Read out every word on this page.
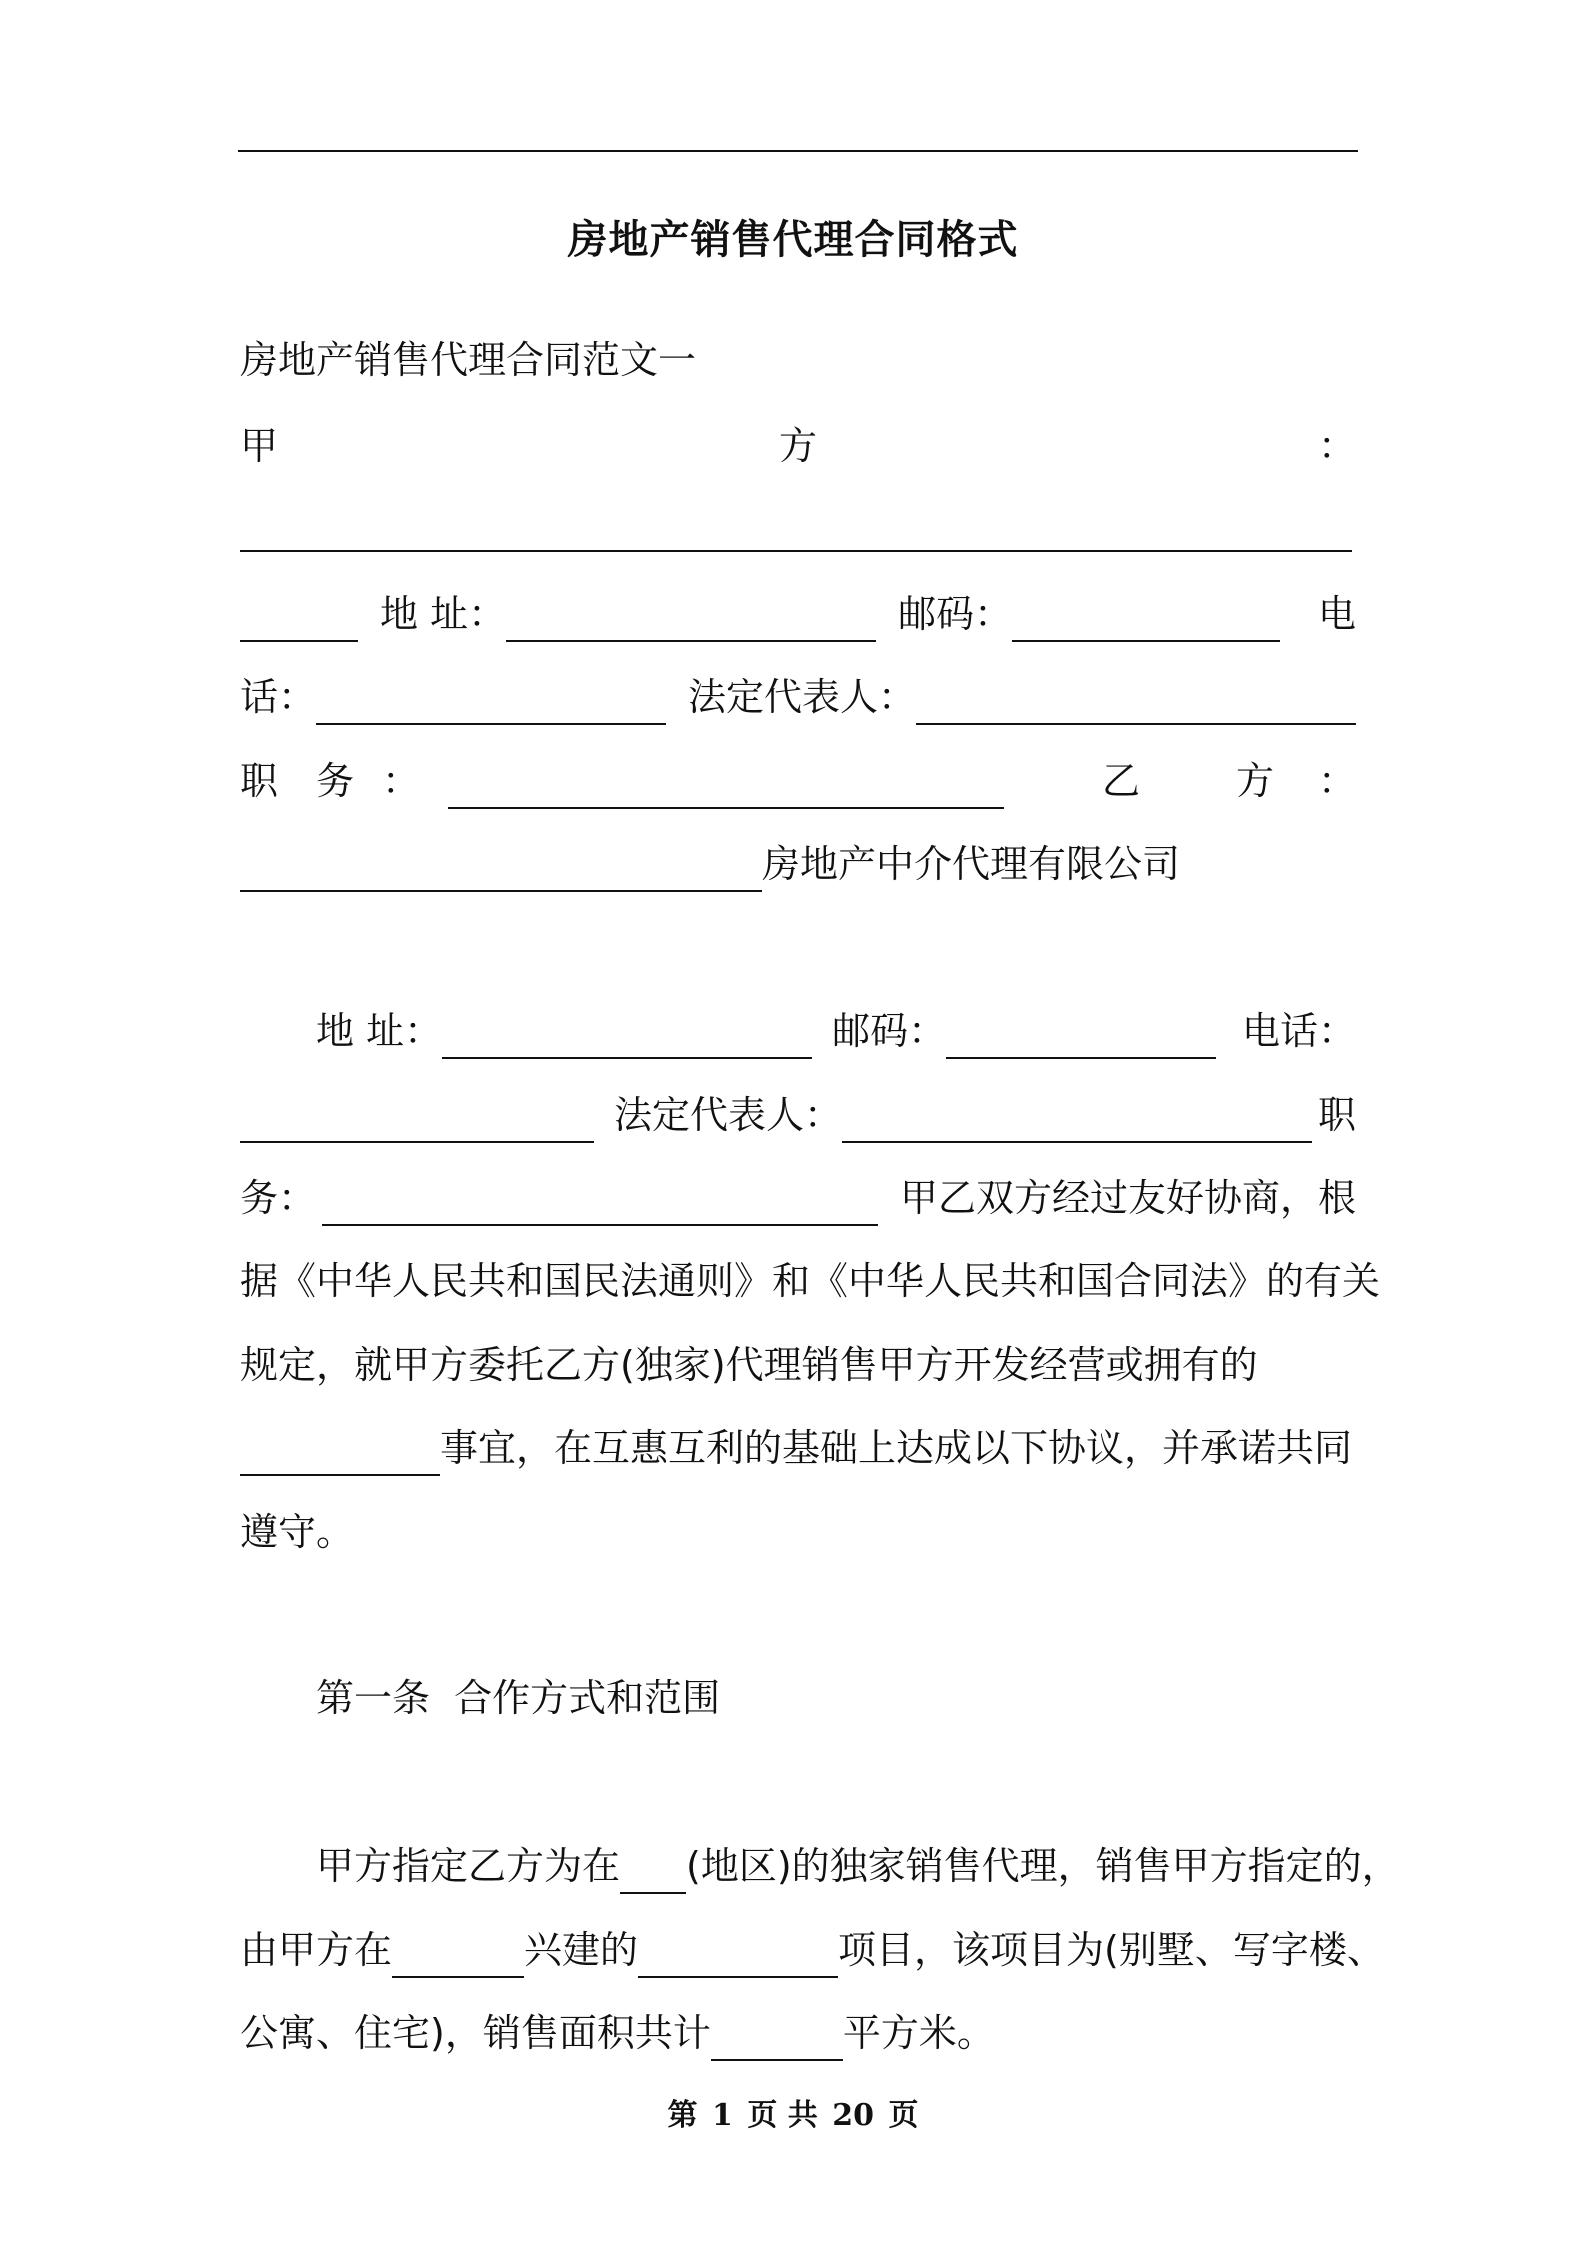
房地产销售代理合同格式
房地产销售代理合同范文一
甲	方	：
地 址：	邮码：	电
话：	法定代表人：
职 务 ：	乙	方 ：
房地产中介代理有限公司
地 址：	邮码：	电话：
法定代表人：	职
务：	甲乙双方经过友好协商，根
据《中华人民共和国民法通则》和《中华人民共和国合同法》的有关
规定，就甲方委托乙方(独家)代理销售甲方开发经营或拥有的
事宜，在互惠互利的基础上达成以下协议，并承诺共同
遵守。
第一条  合作方式和范围
甲方指定乙方为在 (地区)的独家销售代理，销售甲方指定的，
由甲方在	兴建的	项目，该项目为(别墅、写字楼、
公寓、住宅)，销售面积共计	平方米。
第 1 页 共 20 页
